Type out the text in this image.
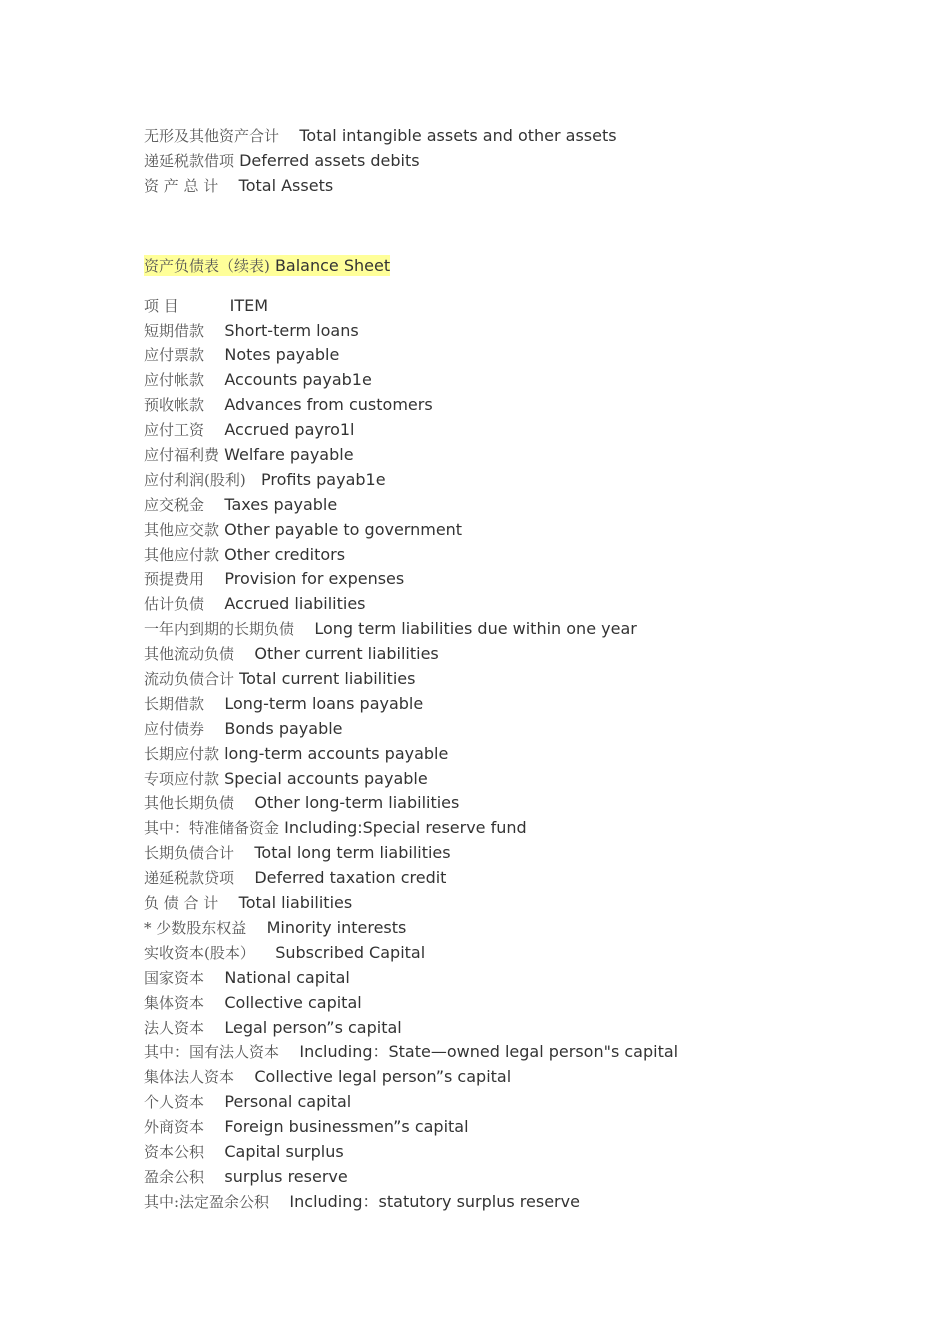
无形及其他资产合计 Total intangible assets and other assets
递延税款借项 Deferred assets debits
资 产 总 计 Total Assets
资产负债表（续表) Balance Sheet
项 目	ITEM
短期借款 Short-term loans
应付票款 Notes payable
应付帐款 Accounts payab1e
预收帐款 Advances from customers
应付工资 Accrued payro1l
应付福利费 Welfare payable
应付利润(股利) Profits payab1e
应交税金 Taxes payable
其他应交款 Other payable to government
其他应付款 Other creditors
预提费用 Provision for expenses
估计负债 Accrued liabilities
一年内到期的长期负债 Long term liabilities due within one year
其他流动负债 Other current liabilities
流动负债合计 Total current liabilities
长期借款 Long-term loans payable
应付债券 Bonds payable
长期应付款 long-term accounts payable
专项应付款 Special accounts payable
其他长期负债 Other long-term liabilities
其中：特准储备资金 Including:Special reserve fund
长期负债合计 Total long term liabilities
递延税款贷项 Deferred taxation credit
负 债 合 计 Total liabilities
* 少数股东权益 Minority interests
实收资本(股本） Subscribed Capital
国家资本 National capital
集体资本 Collective capital
法人资本 Legal person”s capital
其中：国有法人资本 Including：State—owned legal person"s capital
集体法人资本 Collective legal person”s capital
个人资本 Personal capital
外商资本 Foreign businessmen”s capital
资本公积 Capital surplus
盈余公积 surplus reserve
其中:法定盈余公积 Including：statutory surplus reserve
